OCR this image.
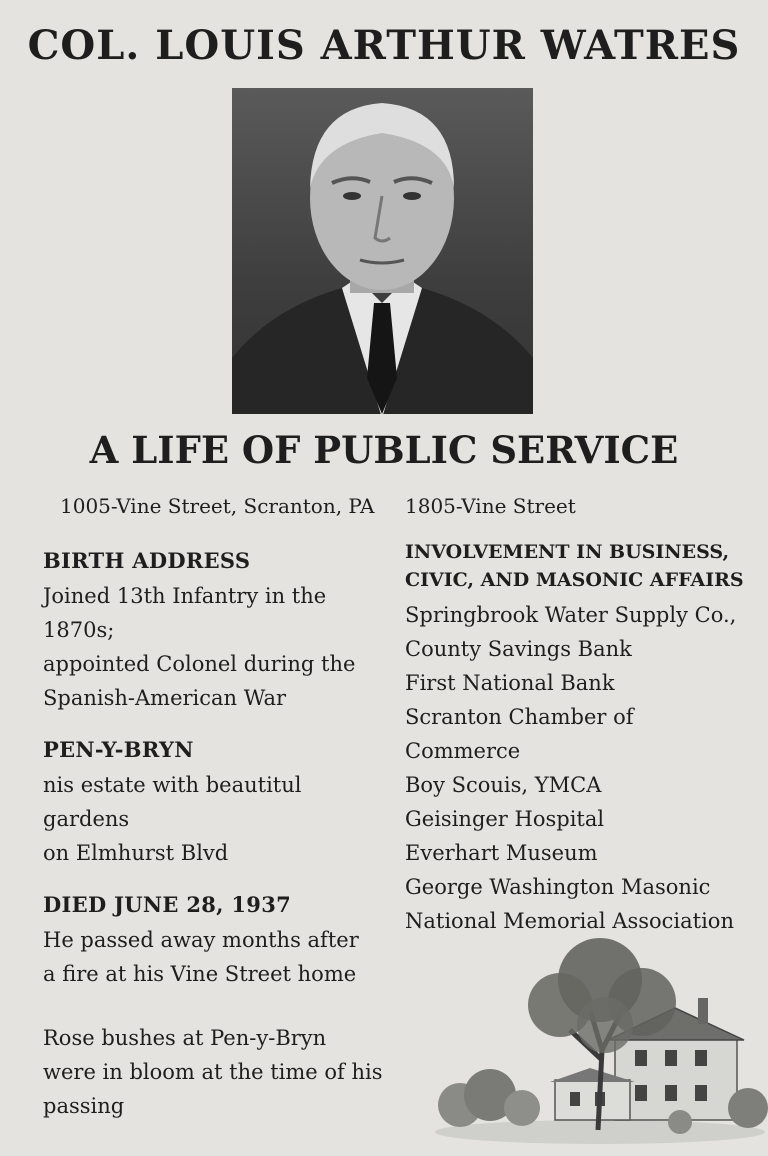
COL. LOUIS ARTHUR WATRES
A LIFE OF PUBLIC SERVICE
1005-Vine Street, Scranton, PA 1805-Vine Street
BIRTH ADDRESS

Joined 13th Infantry in the 1870s;
appointed Colonel during the
Spanish-American War

PEN-Y-BRYN

nis estate with beautitul gardens
on Elmhurst Blvd

DIED JUNE 28, 1937

He passed away months after
a fire at his Vine Street home

Rose bushes at Pen-y-Bryn
were in bloom at the time of his
passing

INVOLVEMENT IN BUSINESS,
CIVIC, AND MASONIC AFFAIRS
Springbrook Water Supply Co.,
County Savings Bank
First National Bank
Scranton Chamber of Commerce
Boy Scouis, YMCA
Geisinger Hospital
Everhart Museum
George Washington Masonic
National Memorial Association
